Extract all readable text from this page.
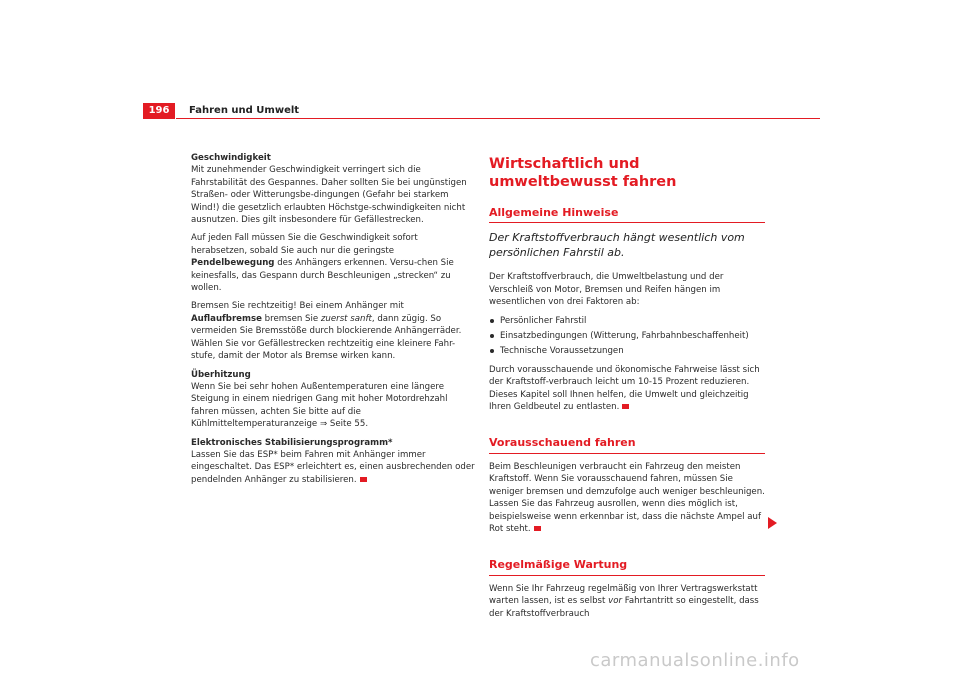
196	Fahren und Umwelt

Geschwindigkeit

Mit zunehmender Geschwindigkeit verringert sich die Fahrstabilität des Gespannes. Daher sollten Sie bei ungünstigen Straßen- oder Witterungsbe-dingungen (Gefahr bei starkem Wind!) die gesetzlich erlaubten Höchstge-schwindigkeiten nicht ausnutzen. Dies gilt insbesondere für Gefällestrecken.

Auf jeden Fall müssen Sie die Geschwindigkeit sofort herabsetzen, sobald Sie auch nur die geringste Pendelbewegung des Anhängers erkennen. Versu-chen Sie keinesfalls, das Gespann durch Beschleunigen „strecken“ zu wollen.

Bremsen Sie rechtzeitig! Bei einem Anhänger mit Auflaufbremse bremsen Sie zuerst sanft, dann zügig. So vermeiden Sie Bremsstöße durch blockierende Anhängerräder. Wählen Sie vor Gefällestrecken rechtzeitig eine kleinere Fahr-stufe, damit der Motor als Bremse wirken kann.

Überhitzung

Wenn Sie bei sehr hohen Außentemperaturen eine längere Steigung in einem niedrigen Gang mit hoher Motordrehzahl fahren müssen, achten Sie bitte auf die Kühlmitteltemperaturanzeige ⇒ Seite 55.

Elektronisches Stabilisierungsprogramm*

Lassen Sie das ESP* beim Fahren mit Anhänger immer eingeschaltet. Das ESP* erleichtert es, einen ausbrechenden oder pendelnden Anhänger zu stabilisieren.

Wirtschaftlich und umweltbewusst fahren
Allgemeine Hinweise

Der Kraftstoffverbrauch hängt wesentlich vom persönlichen Fahrstil ab.

Der Kraftstoffverbrauch, die Umweltbelastung und der Verschleiß von Motor, Bremsen und Reifen hängen im wesentlichen von drei Faktoren ab:

Persönlicher Fahrstil
Einsatzbedingungen (Witterung, Fahrbahnbeschaffenheit)
Technische Voraussetzungen

Durch vorausschauende und ökonomische Fahrweise lässt sich der Kraftstoff-verbrauch leicht um 10-15 Prozent reduzieren. Dieses Kapitel soll Ihnen helfen, die Umwelt und gleichzeitig Ihren Geldbeutel zu entlasten.

Vorausschauend fahren

Beim Beschleunigen verbraucht ein Fahrzeug den meisten Kraftstoff. Wenn Sie vorausschauend fahren, müssen Sie weniger bremsen und demzufolge auch weniger beschleunigen. Lassen Sie das Fahrzeug ausrollen, wenn dies möglich ist, beispielsweise wenn erkennbar ist, dass die nächste Ampel auf Rot steht.

Regelmäßige Wartung

Wenn Sie Ihr Fahrzeug regelmäßig von Ihrer Vertragswerkstatt warten lassen, ist es selbst vor Fahrtantritt so eingestellt, dass der Kraftstoffverbrauch

carmanualsonline.info
